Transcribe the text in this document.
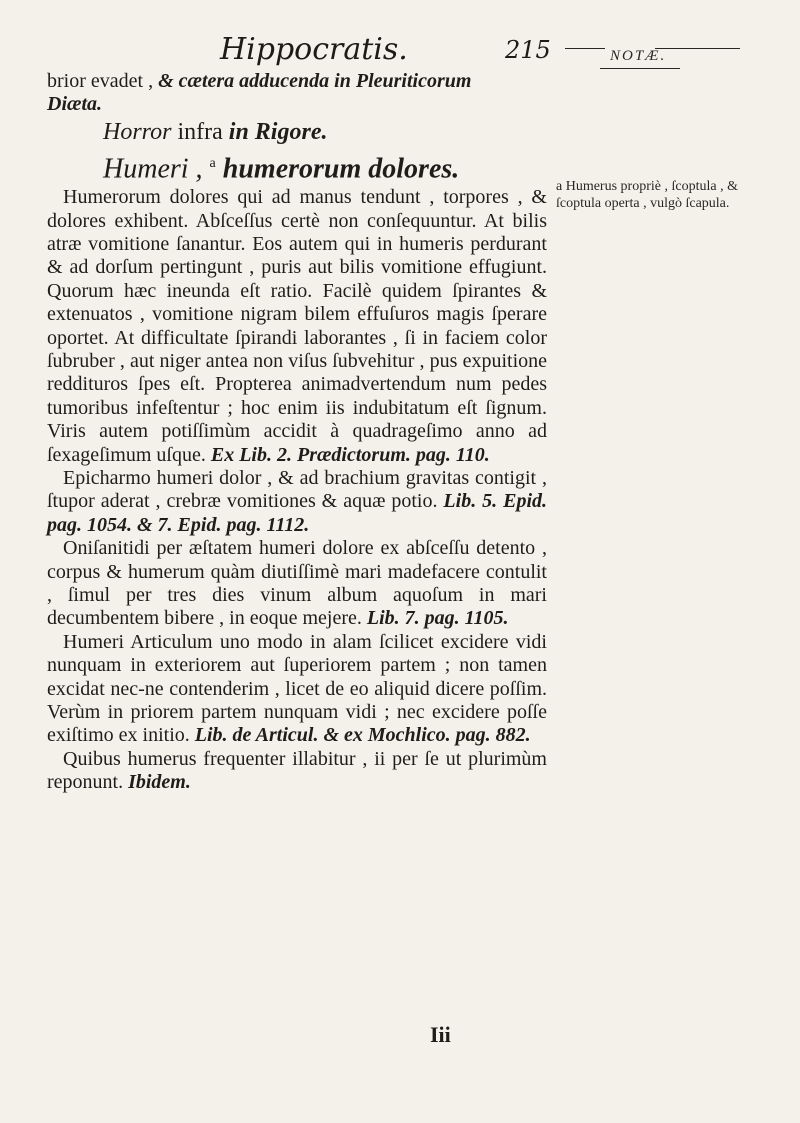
Hippocratis.	215	NOTÆ.

brior evadet , & cætera adducenda in Pleuriticorum

Diæta.

Horror infra in Rigore.

Humeri , $^a$ humerorum dolores.

Humerorum dolores qui ad manus tendunt , torpores , & dolores exhibent. Abſceſſus certè non conſequuntur. At bilis atræ vomitione ſanantur. Eos autem qui in humeris perdurant & ad dorſum pertingunt , puris aut bilis vomitione effugiunt. Quorum hæc ineunda eſt ratio. Facilè quidem ſpirantes & extenuatos , vomitione nigram bilem effuſuros magis ſperare oportet. At difficultate ſpirandi laborantes , ſi in faciem color ſubruber , aut niger antea non viſus ſubvehitur , pus expuitione reddituros ſpes eſt. Propterea animadvertendum num pedes tumoribus infeſtentur ; hoc enim iis indubitatum eſt ſignum. Viris autem potiſſimùm accidit à quadrageſimo anno ad ſexageſimum uſque. Ex Lib. 2. Prædictorum. pag. 110.

Epicharmo humeri dolor , & ad brachium gravitas contigit , ſtupor aderat , crebræ vomitiones & aquæ potio. Lib. 5. Epid. pag. 1054. & 7. Epid. pag. 1112.

Oniſanitidi per æſtatem humeri dolore ex abſceſſu detento , corpus & humerum quàm diutiſſimè mari madefacere contulit , ſimul per tres dies vinum album aquoſum in mari decumbentem bibere , in eoque mejere. Lib. 7. pag. 1105.

Humeri Articulum uno modo in alam ſcilicet excidere vidi nunquam in exteriorem aut ſuperiorem partem ; non tamen excidat nec-ne contenderim , licet de eo aliquid dicere poſſim. Verùm in priorem partem nunquam vidi ; nec excidere poſſe exiſtimo ex initio. Lib. de Articul. & ex Mochlico. pag. 882.

Quibus humerus frequenter illabitur , ii per ſe ut plurimùm reponunt. Ibidem.

Iii
a Humerus propriè , ſcoptula , & ſcoptula operta , vulgò ſcapula.
